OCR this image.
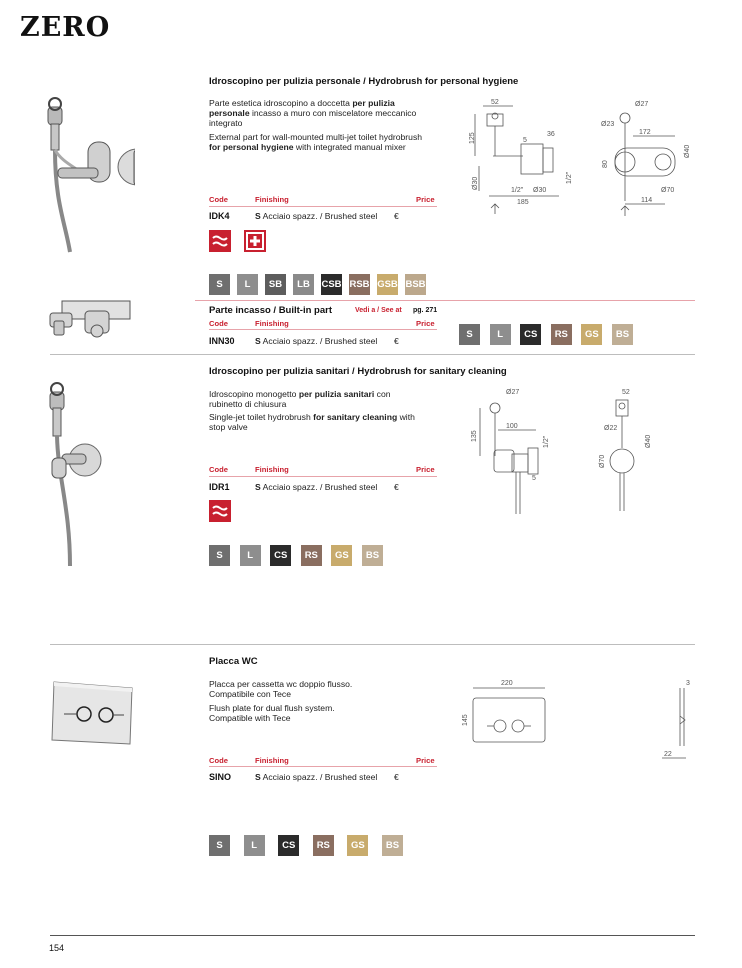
ZERO
Idroscopino per pulizia personale / Hydrobrush for personal hygiene
Parte estetica idroscopino a doccetta per pulizia personale incasso a muro con miscelatore meccanico integrato
External part for wall-mounted multi-jet toilet hydrobrush for personal hygiene with integrated manual mixer
52
125	5
36
Ø30
1/2" Ø30
1/2"
185
Ø27
Ø23
172
Ø40
80
Ø70
114
Code	Finishing	Price
IDK4	S Acciaio spazz. / Brushed steel €
S	L	SB	LB	CSB RSB GSB BSB
Parte incasso / Built-in part	Vedi a / See at pg. 271
Code	Finishing	Price
INN30 S Acciaio spazz. / Brushed steel €
S	L	CS	RS	GS	BS
Idroscopino per pulizia sanitari / Hydrobrush for sanitary cleaning
Idroscopino monogetto per pulizia sanitari con rubinetto di chiusura
Single-jet toilet hydrobrush for sanitary cleaning with stop valve
Ø27
100
135	1/2"
5
52
Ø22
Ø40
Ø70
Code	Finishing	Price
IDR1	S Acciaio spazz. / Brushed steel €
S	L	CS	RS	GS	BS
Placca WC
Placca per cassetta wc doppio flusso.
Compatibile con Tece
Flush plate for dual flush system.
Compatible with Tece
220
145
3
22
Code	Finishing	Price
SINO	S Acciaio spazz. / Brushed steel €
S	L	CS	RS	GS	BS
154
